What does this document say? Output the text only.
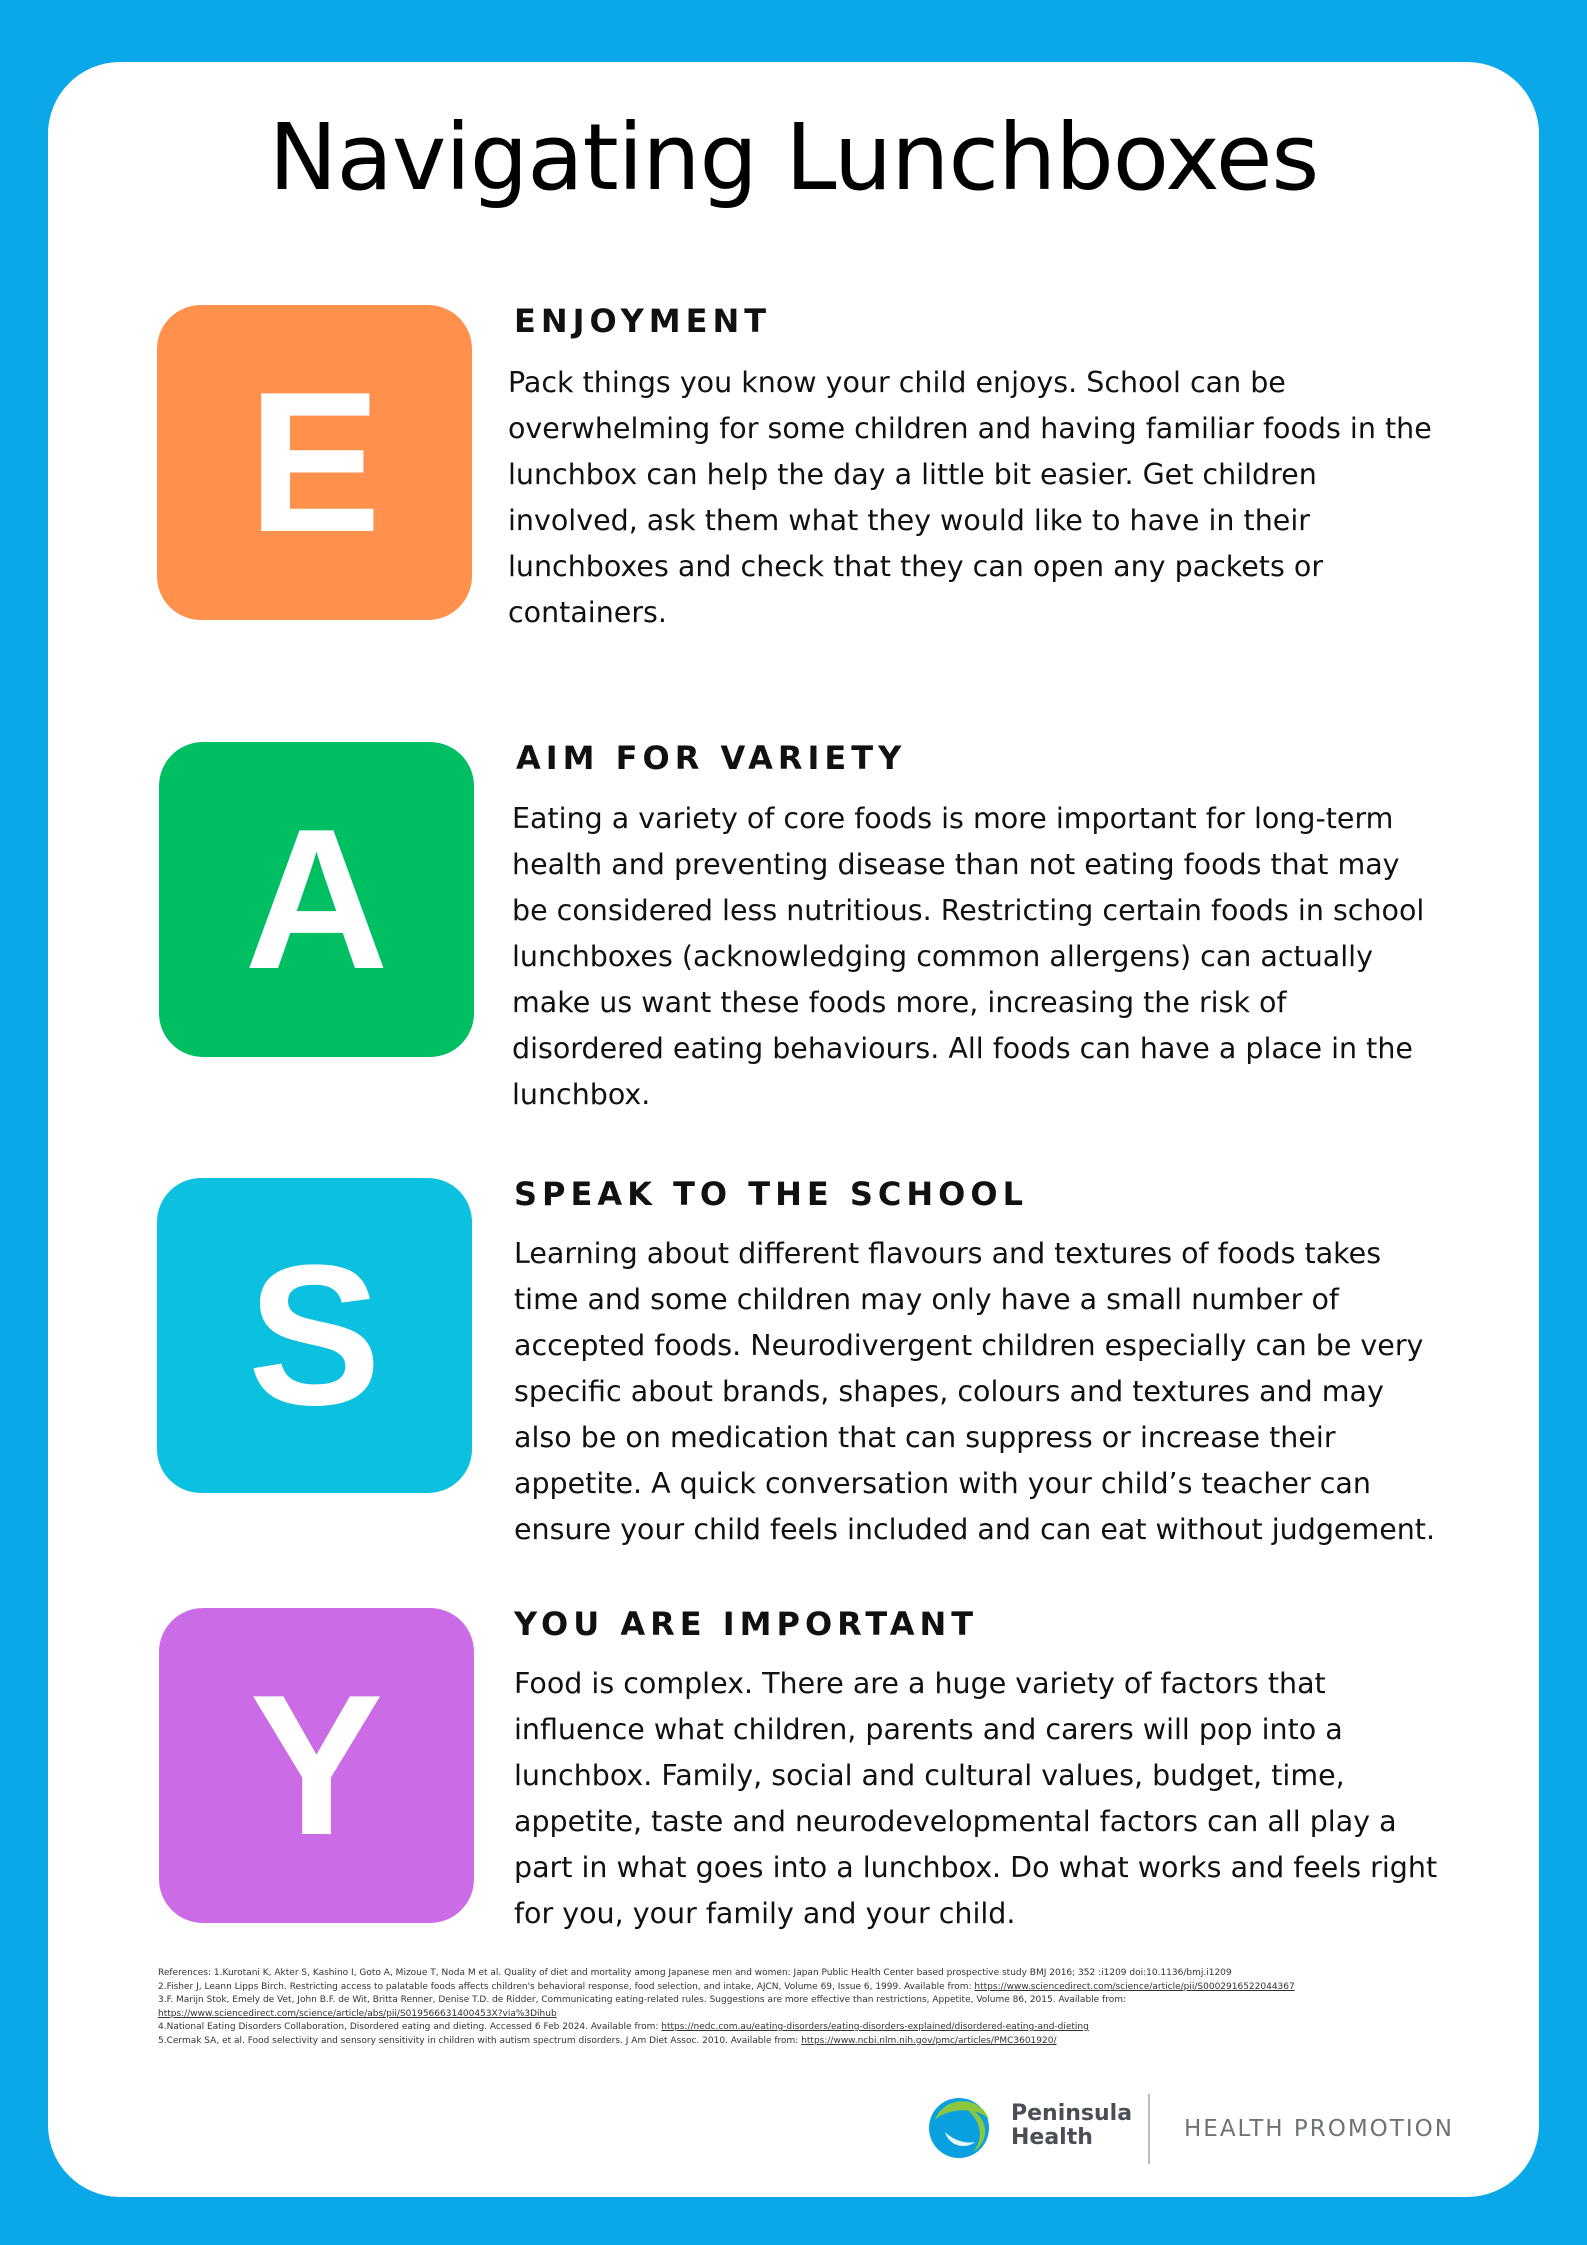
Navigating Lunchboxes
E
ENJOYMENT

Pack things you know your child enjoys. School can be overwhelming for some children and having familiar foods in the lunchbox can help the day a little bit easier. Get children involved, ask them what they would like to have in their lunchboxes and check that they can open any packets or containers.

A
AIM FOR VARIETY

Eating a variety of core foods is more important for long-term health and preventing disease than not eating foods that may be considered less nutritious. Restricting certain foods in school lunchboxes (acknowledging common allergens) can actually make us want these foods more, increasing the risk of disordered eating behaviours. All foods can have a place in the lunchbox.

S
SPEAK TO THE SCHOOL

Learning about different flavours and textures of foods takes time and some children may only have a small number of accepted foods. Neurodivergent children especially can be very specific about brands, shapes, colours and textures and may also be on medication that can suppress or increase their appetite. A quick conversation with your child’s teacher can ensure your child feels included and can eat without judgement.

Y
YOU ARE IMPORTANT

Food is complex. There are a huge variety of factors that influence what children, parents and carers will pop into a lunchbox. Family, social and cultural values, budget, time, appetite, taste and neurodevelopmental factors can all play a part in what goes into a lunchbox. Do what works and feels right for you, your family and your child.

References: 1.Kurotani K, Akter S, Kashino I, Goto A, Mizoue T, Noda M et al. Quality of diet and mortality among Japanese men and women: Japan Public Health Center based prospective study BMJ 2016; 352 :i1209 doi:10.1136/bmj.i1209
2.Fisher J, Leann Lipps Birch. Restricting access to palatable foods affects children's behavioral response, food selection, and intake, AJCN, Volume 69, Issue 6, 1999. Available from: https://www.sciencedirect.com/science/article/pii/S0002916522044367
3.F. Marijn Stok, Emely de Vet, John B.F. de Wit, Britta Renner, Denise T.D. de Ridder, Communicating eating-related rules. Suggestions are more effective than restrictions, Appetite, Volume 86, 2015. Available from:
https://www.sciencedirect.com/science/article/abs/pii/S019566631400453X?via%3Dihub
4.National Eating Disorders Collaboration, Disordered eating and dieting. Accessed 6 Feb 2024. Available from: https://nedc.com.au/eating-disorders/eating-disorders-explained/disordered-eating-and-dieting
5.Cermak SA, et al. Food selectivity and sensory sensitivity in children with autism spectrum disorders. J Am Diet Assoc. 2010. Available from: https://www.ncbi.nlm.nih.gov/pmc/articles/PMC3601920/
Peninsula
Health	HEALTH PROMOTION
